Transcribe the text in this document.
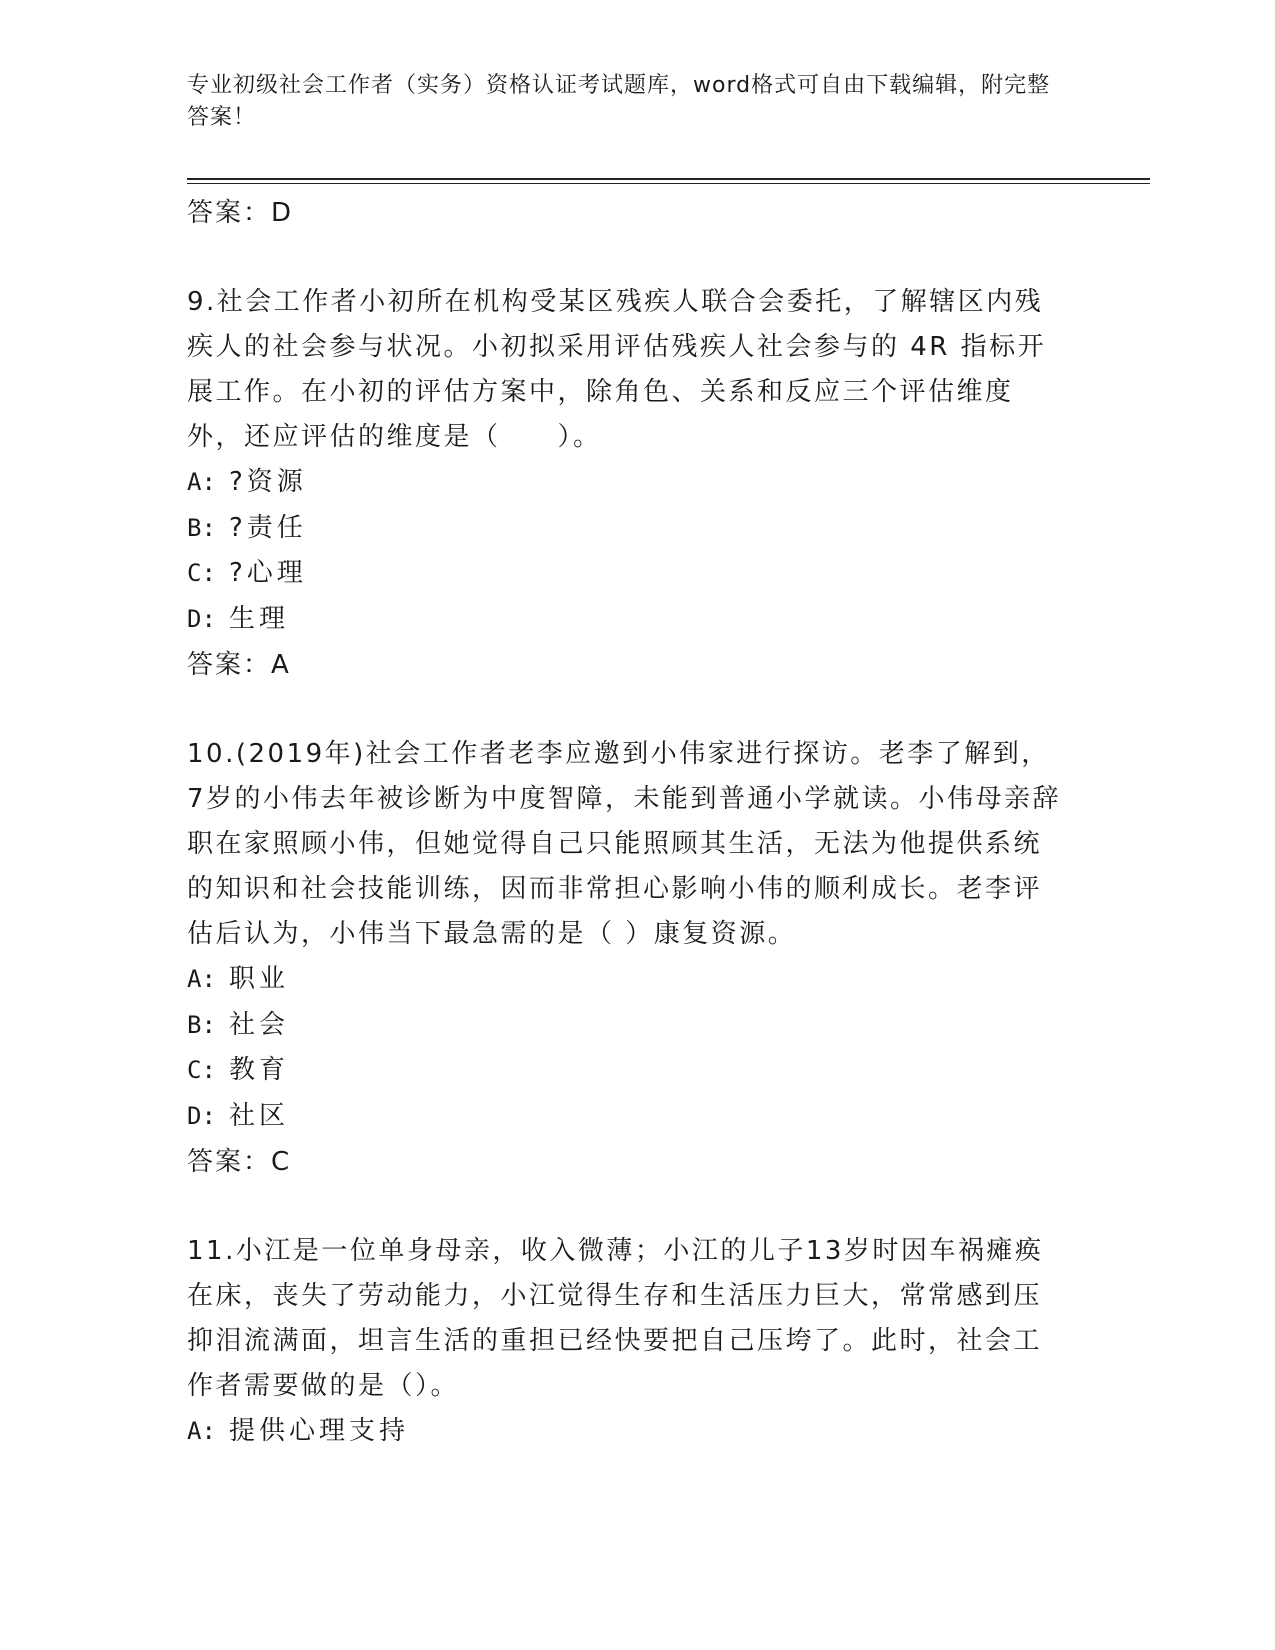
专业初级社会工作者（实务）资格认证考试题库，word格式可自由下载编辑，附完整答案！

答案：D

9.社会工作者小初所在机构受某区残疾人联合会委托，了解辖区内残疾人的社会参与状况。小初拟采用评估残疾人社会参与的 4R 指标开展工作。在小初的评估方案中，除角色、关系和反应三个评估维度外，还应评估的维度是（　　）。

A: ?资源

B: ?责任

C: ?心理

D: 生理

答案：A

10.(2019年)社会工作者老李应邀到小伟家进行探访。老李了解到，7岁的小伟去年被诊断为中度智障，未能到普通小学就读。小伟母亲辞职在家照顾小伟，但她觉得自己只能照顾其生活，无法为他提供系统的知识和社会技能训练，因而非常担心影响小伟的顺利成长。老李评估后认为，小伟当下最急需的是（ ）康复资源。

A: 职业

B: 社会

C: 教育

D: 社区

答案：C

11.小江是一位单身母亲，收入微薄；小江的儿子13岁时因车祸瘫痪在床，丧失了劳动能力，小江觉得生存和生活压力巨大，常常感到压抑泪流满面，坦言生活的重担已经快要把自己压垮了。此时，社会工作者需要做的是（）。

A: 提供心理支持
